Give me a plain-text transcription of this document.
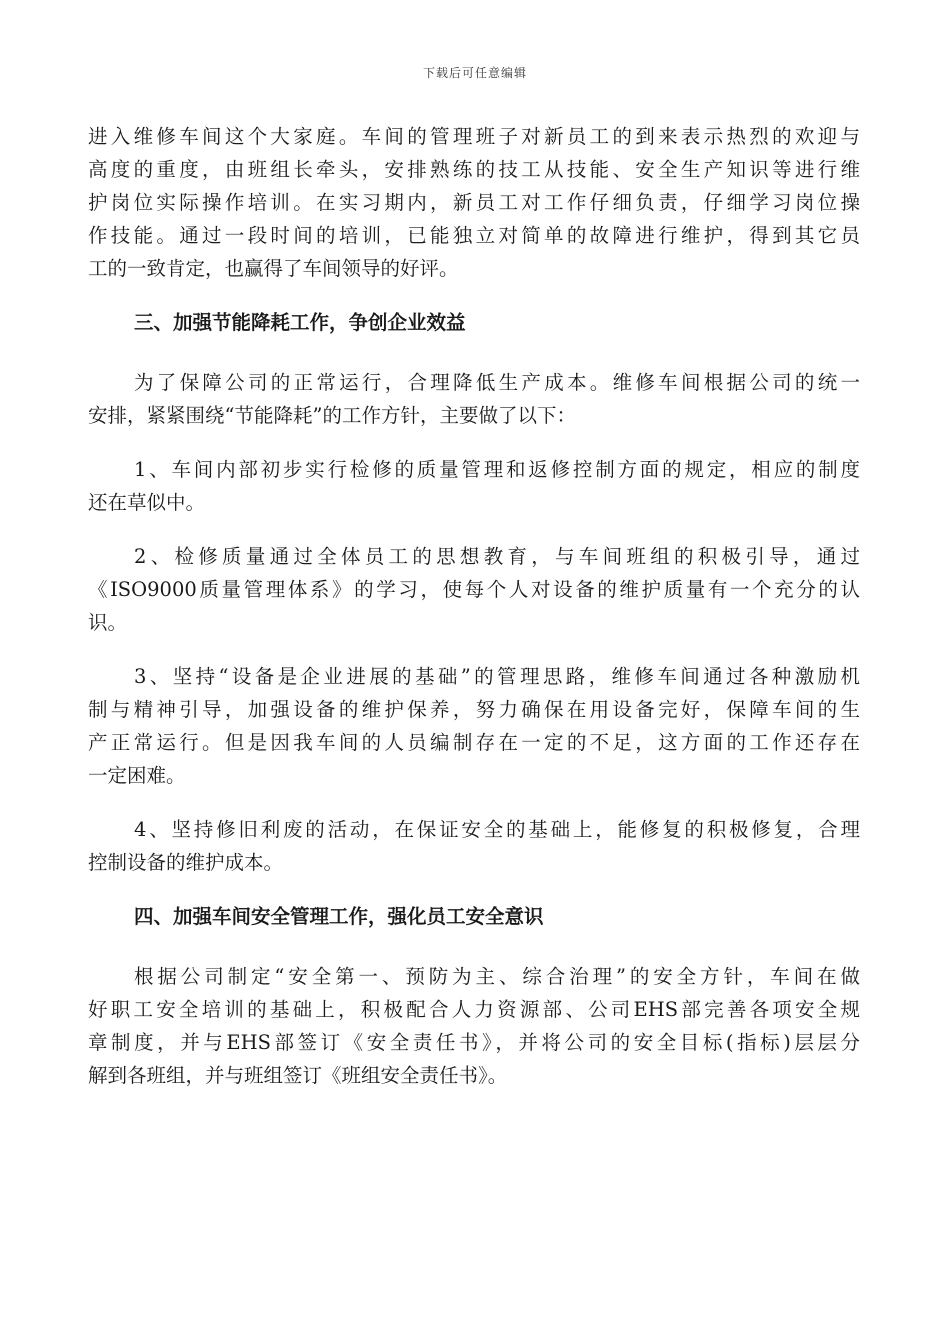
下载后可任意编辑
进入维修车间这个大家庭。车间的管理班子对新员工的到来表示热烈的欢迎与
高度的重度，由班组长牵头，安排熟练的技工从技能、安全生产知识等进行维
护岗位实际操作培训。在实习期内，新员工对工作仔细负责，仔细学习岗位操
作技能。通过一段时间的培训，已能独立对简单的故障进行维护，得到其它员
工的一致肯定，也赢得了车间领导的好评。
三、加强节能降耗工作，争创企业效益
为了保障公司的正常运行，合理降低生产成本。维修车间根据公司的统一
安排，紧紧围绕“节能降耗”的工作方针，主要做了以下：
1、车间内部初步实行检修的质量管理和返修控制方面的规定，相应的制度
还在草似中。
2、检修质量通过全体员工的思想教育，与车间班组的积极引导，通过
《ISO9000质量管理体系》的学习，使每个人对设备的维护质量有一个充分的认
识。
3、坚持“设备是企业进展的基础”的管理思路，维修车间通过各种激励机
制与精神引导，加强设备的维护保养，努力确保在用设备完好，保障车间的生
产正常运行。但是因我车间的人员编制存在一定的不足，这方面的工作还存在
一定困难。
4、坚持修旧利废的活动，在保证安全的基础上，能修复的积极修复，合理
控制设备的维护成本。
四、加强车间安全管理工作，强化员工安全意识
根据公司制定“安全第一、预防为主、综合治理”的安全方针，车间在做
好职工安全培训的基础上，积极配合人力资源部、公司EHS部完善各项安全规
章制度，并与EHS部签订《安全责任书》，并将公司的安全目标(指标)层层分
解到各班组，并与班组签订《班组安全责任书》。
